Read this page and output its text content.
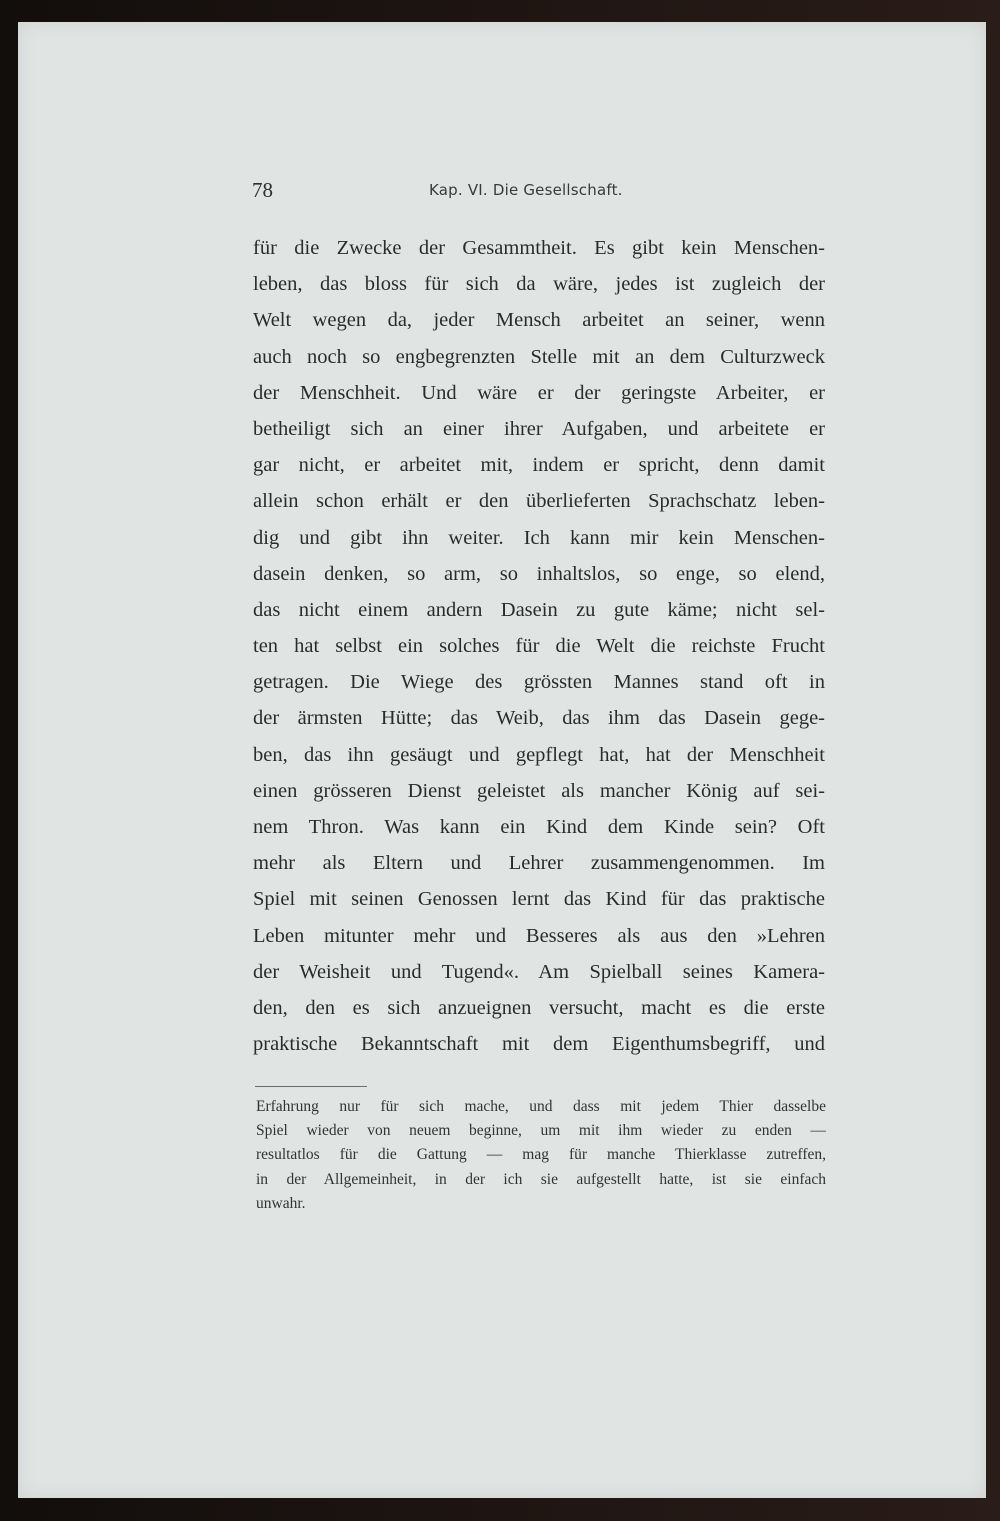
78	Kap. VI. Die Gesellschaft.
für die Zwecke der Gesammtheit. Es gibt kein Menschen-
leben, das bloss für sich da wäre, jedes ist zugleich der
Welt wegen da, jeder Mensch arbeitet an seiner, wenn
auch noch so engbegrenzten Stelle mit an dem Culturzweck
der Menschheit. Und wäre er der geringste Arbeiter, er
betheiligt sich an einer ihrer Aufgaben, und arbeitete er
gar nicht, er arbeitet mit, indem er spricht, denn damit
allein schon erhält er den überlieferten Sprachschatz leben-
dig und gibt ihn weiter. Ich kann mir kein Menschen-
dasein denken, so arm, so inhaltslos, so enge, so elend,
das nicht einem andern Dasein zu gute käme; nicht sel-
ten hat selbst ein solches für die Welt die reichste Frucht
getragen. Die Wiege des grössten Mannes stand oft in
der ärmsten Hütte; das Weib, das ihm das Dasein gege-
ben, das ihn gesäugt und gepflegt hat, hat der Menschheit
einen grösseren Dienst geleistet als mancher König auf sei-
nem Thron. Was kann ein Kind dem Kinde sein? Oft
mehr als Eltern und Lehrer zusammengenommen. Im
Spiel mit seinen Genossen lernt das Kind für das praktische
Leben mitunter mehr und Besseres als aus den »Lehren
der Weisheit und Tugend«. Am Spielball seines Kamera-
den, den es sich anzueignen versucht, macht es die erste
praktische Bekanntschaft mit dem Eigenthumsbegriff, und
Erfahrung nur für sich mache, und dass mit jedem Thier dasselbe
Spiel wieder von neuem beginne, um mit ihm wieder zu enden —
resultatlos für die Gattung — mag für manche Thierklasse zutreffen,
in der Allgemeinheit, in der ich sie aufgestellt hatte, ist sie einfach
unwahr.
